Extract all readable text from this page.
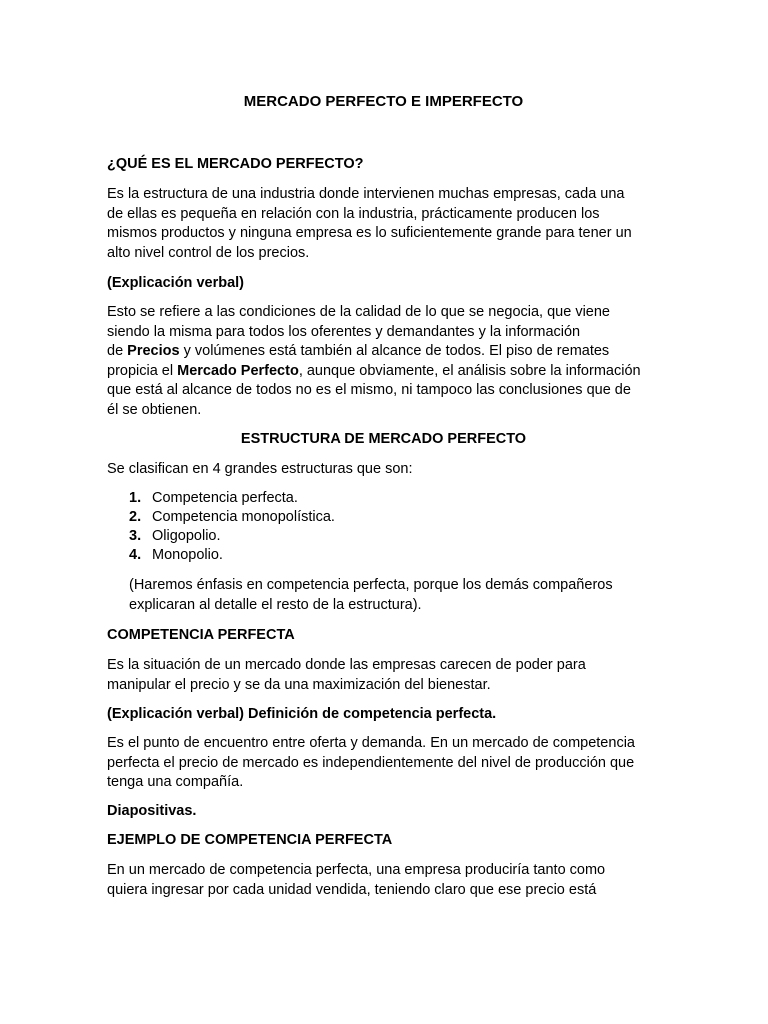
MERCADO PERFECTO E IMPERFECTO
¿QUÉ ES EL MERCADO PERFECTO?
Es la estructura de una industria donde intervienen muchas empresas, cada una
de ellas es pequeña en relación con la industria, prácticamente producen los
mismos productos y ninguna empresa es lo suficientemente grande para tener un
alto nivel control de los precios.
(Explicación verbal)
Esto se refiere a las condiciones de la calidad de lo que se negocia, que viene
siendo la misma para todos los oferentes y demandantes y la información
de Precios y volúmenes está también al alcance de todos. El piso de remates
propicia el Mercado Perfecto, aunque obviamente, el análisis sobre la información
que está al alcance de todos no es el mismo, ni tampoco las conclusiones que de
él se obtienen.
ESTRUCTURA DE MERCADO PERFECTO
Se clasifican en 4 grandes estructuras que son:
1. Competencia perfecta.
2. Competencia monopolística.
3. Oligopolio.
4. Monopolio.
(Haremos énfasis en competencia perfecta, porque los demás compañeros
explicaran al detalle el resto de la estructura).
COMPETENCIA PERFECTA
Es la situación de un mercado donde las empresas carecen de poder para
manipular el precio y se da una maximización del bienestar.
(Explicación verbal) Definición de competencia perfecta.
Es el punto de encuentro entre oferta y demanda. En un mercado de competencia
perfecta el precio de mercado es independientemente del nivel de producción que
tenga una compañía.
Diapositivas.
EJEMPLO DE COMPETENCIA PERFECTA
En un mercado de competencia perfecta, una empresa produciría tanto como
quiera ingresar por cada unidad vendida, teniendo claro que ese precio está
